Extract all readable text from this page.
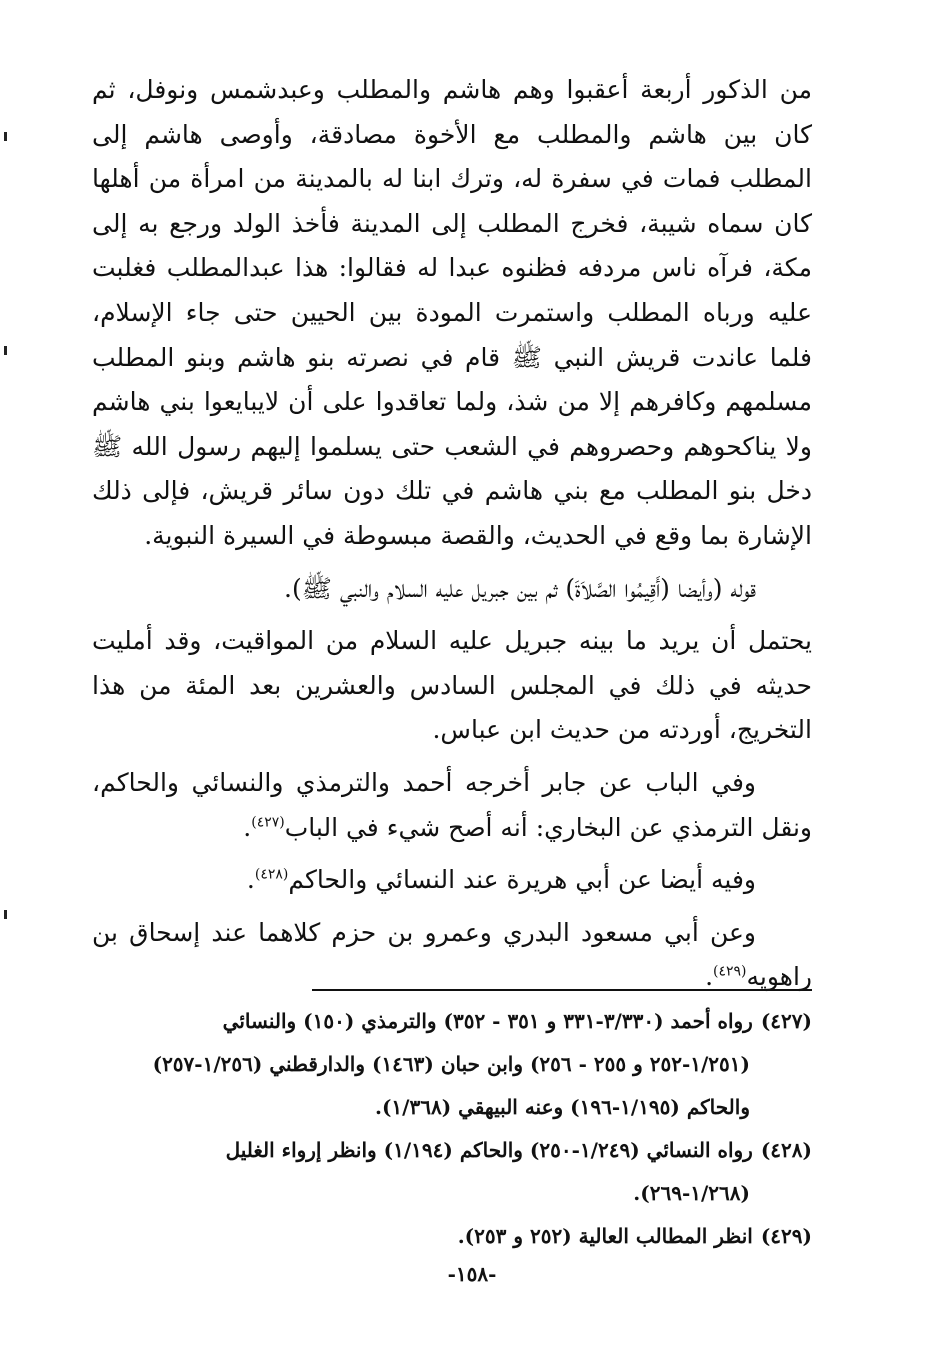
من الذكور أربعة أعقبوا وهم هاشم والمطلب وعبدشمس ونوفل، ثم كان بين هاشم والمطلب مع الأخوة مصادقة، وأوصى هاشم إلى المطلب فمات في سفرة له، وترك ابنا له بالمدينة من امرأة من أهلها كان سماه شيبة، فخرج المطلب إلى المدينة فأخذ الولد ورجع به إلى مكة، فرآه ناس مردفه فظنوه عبدا له فقالوا: هذا عبدالمطلب فغلبت عليه ورباه المطلب واستمرت المودة بين الحيين حتى جاء الإسلام، فلما عاندت قريش النبي ﷺ قام في نصرته بنو هاشم وبنو المطلب مسلمهم وكافرهم إلا من شذ، ولما تعاقدوا على أن لايبايعوا بني هاشم ولا يناكحوهم وحصروهم في الشعب حتى يسلموا إليهم رسول الله ﷺ دخل بنو المطلب مع بني هاشم في تلك دون سائر قريش، فإلى ذلك الإشارة بما وقع في الحديث، والقصة مبسوطة في السيرة النبوية.

قوله (وأيضا (أَقِيمُوا الصَّلاَةَ) ثم بين جبريل عليه السلام والنبي ﷺ).

يحتمل أن يريد ما بينه جبريل عليه السلام من المواقيت، وقد أمليت حديثه في ذلك في المجلس السادس والعشرين بعد المئة من هذا التخريج، أوردته من حديث ابن عباس.

وفي الباب عن جابر أخرجه أحمد والترمذي والنسائي والحاكم، ونقل الترمذي عن البخاري: أنه أصح شيء في الباب$^{(٤٢٧)}$.

وفيه أيضا عن أبي هريرة عند النسائي والحاكم$^{(٤٢٨)}$.

وعن أبي مسعود البدري وعمرو بن حزم كلاهما عند إسحاق بن راهويه$^{(٤٢٩)}$.

(٤٢٧)رواه أحمد (٣/٣٣٠-٣٣١ و ٣٥١ - ٣٥٢) والترمذي (١٥٠) والنسائي
(١/٢٥١-٢٥٢ و ٢٥٥ - ٢٥٦) وابن حبان (١٤٦٣) والدارقطني (١/٢٥٦-٢٥٧)
والحاكم (١/١٩٥-١٩٦) وعنه البيهقي (١/٣٦٨).
(٤٢٨)رواه النسائي (١/٢٤٩-٢٥٠) والحاكم (١/١٩٤) وانظر إرواء الغليل
(١/٢٦٨-٢٦٩).
(٤٢٩)انظر المطالب العالية (٢٥٢ و ٢٥٣).
-١٥٨-
